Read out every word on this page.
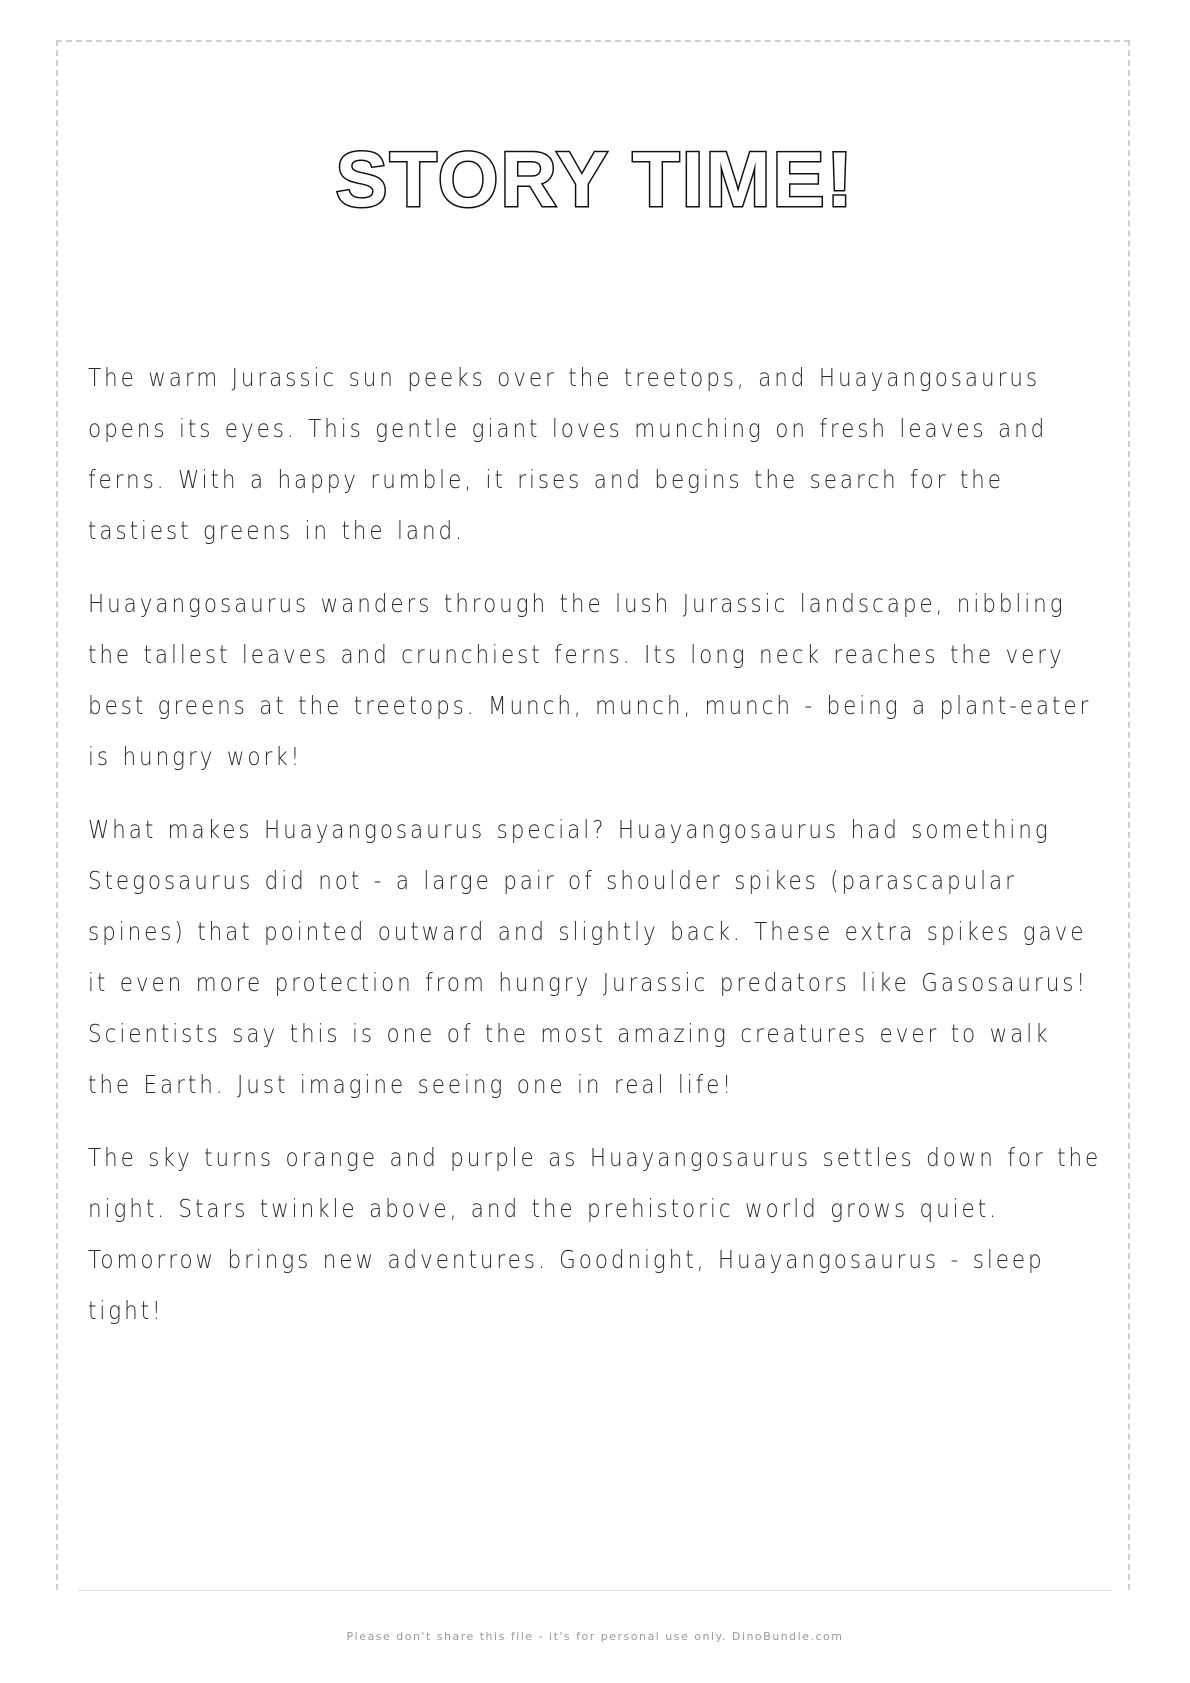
STORY TIME!

The warm Jurassic sun peeks over the treetops, and Huayangosaurus opens its eyes. This gentle giant loves munching on fresh leaves and ferns. With a happy rumble, it rises and begins the search for the tastiest greens in the land.

Huayangosaurus wanders through the lush Jurassic landscape, nibbling the tallest leaves and crunchiest ferns. Its long neck reaches the very best greens at the treetops. Munch, munch, munch - being a plant-eater is hungry work!

What makes Huayangosaurus special? Huayangosaurus had something Stegosaurus did not - a large pair of shoulder spikes (parascapular spines) that pointed outward and slightly back. These extra spikes gave it even more protection from hungry Jurassic predators like Gasosaurus! Scientists say this is one of the most amazing creatures ever to walk the Earth. Just imagine seeing one in real life!

The sky turns orange and purple as Huayangosaurus settles down for the night. Stars twinkle above, and the prehistoric world grows quiet. Tomorrow brings new adventures. Goodnight, Huayangosaurus - sleep tight!

Please don't share this file - it's for personal use only. DinoBundle.com
